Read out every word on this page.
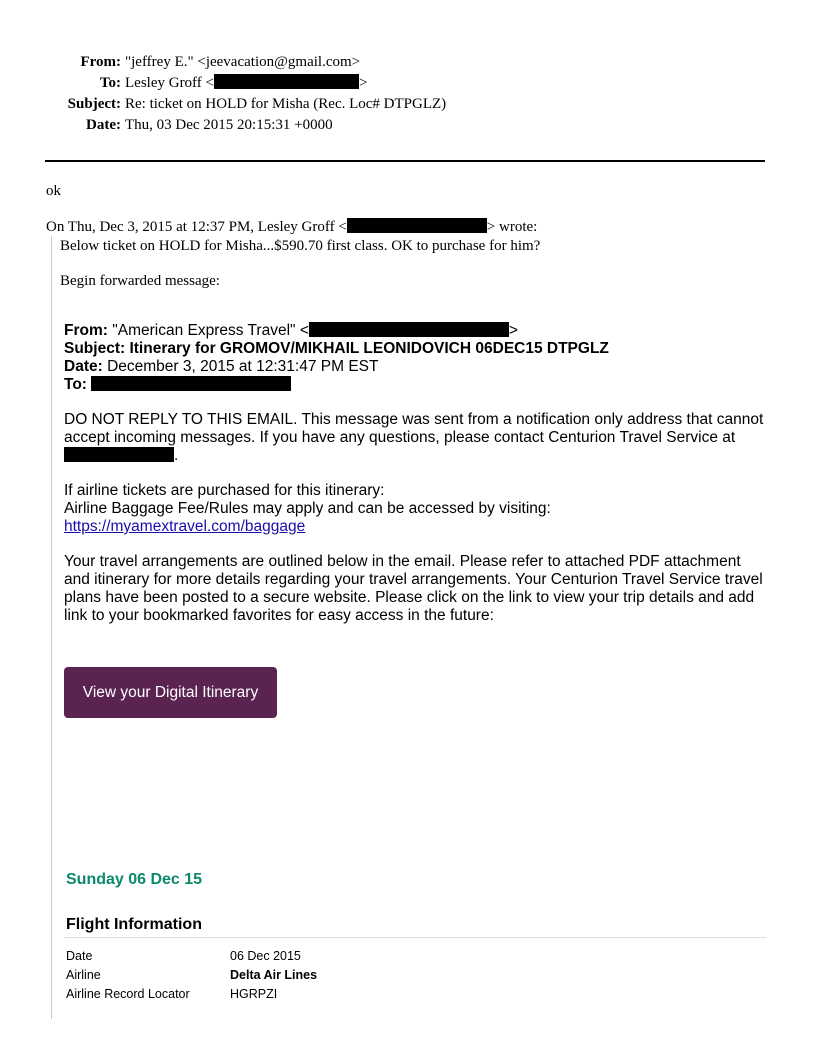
From: "jeffrey E." <jeevacation@gmail.com>
To: Lesley Groff <	>
Subject: Re: ticket on HOLD for Misha (Rec. Loc# DTPGLZ)
Date: Thu, 03 Dec 2015 20:15:31 +0000
ok
On Thu, Dec 3, 2015 at 12:37 PM, Lesley Groff <	> wrote:
Below ticket on HOLD for Misha...$590.70 first class. OK to purchase for him?
Begin forwarded message:

From: "American Express Travel" <	>

Subject: Itinerary for GROMOV/MIKHAIL LEONIDOVICH 06DEC15 DTPGLZ

Date: December 3, 2015 at 12:31:47 PM EST

To:

DO NOT REPLY TO THIS EMAIL. This message was sent from a notification only address that cannot accept incoming messages. If you have any questions, please contact Centurion Travel Service at .

If airline tickets are purchased for this itinerary:
Airline Baggage Fee/Rules may apply and can be accessed by visiting:
https://myamextravel.com/baggage

Your travel arrangements are outlined below in the email. Please refer to attached PDF attachment and itinerary for more details regarding your travel arrangements. Your Centurion Travel Service travel plans have been posted to a secure website. Please click on the link to view your trip details and add link to your bookmarked favorites for easy access in the future:

View your Digital Itinerary
Sunday 06 Dec 15
Flight Information
Date	06 Dec 2015
Airline	Delta Air Lines
Airline Record Locator	HGRPZI
